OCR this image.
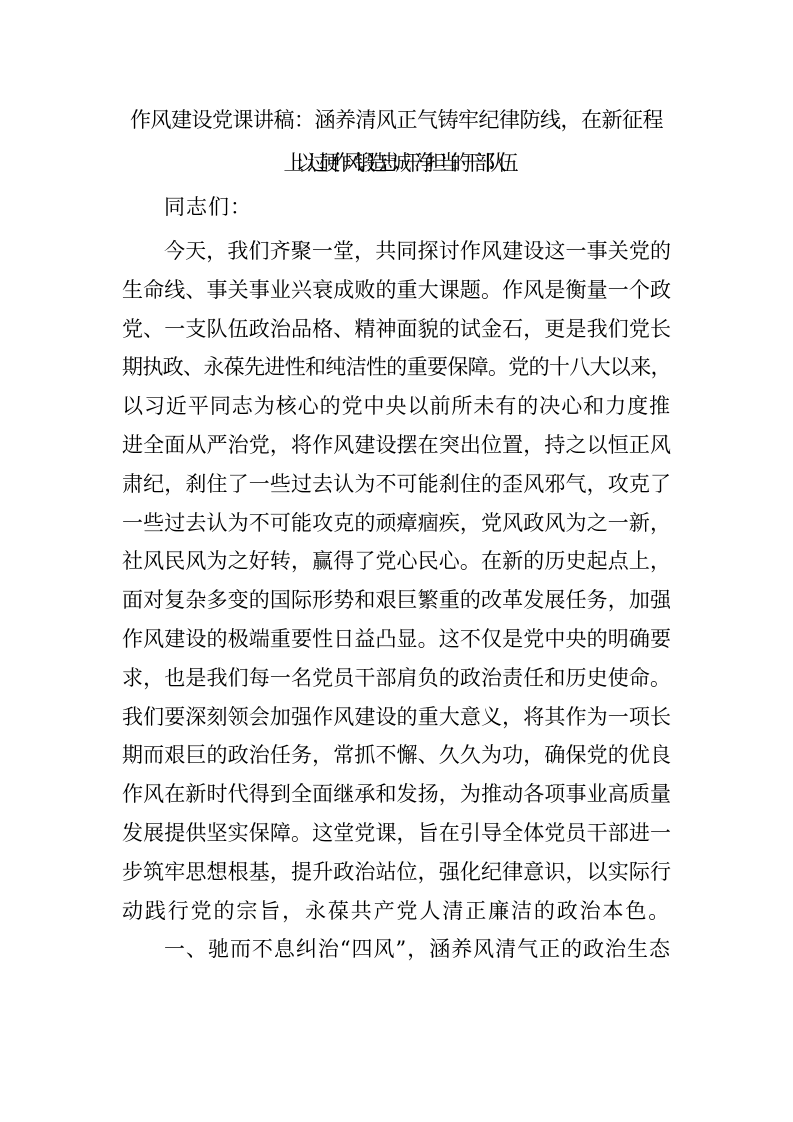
作风建设党课讲稿：涵养清风正气铸牢纪律防线，在新征程
上以过硬作风锻造忠诚干净担当的干部队伍
同志们：
今天，我们齐聚一堂，共同探讨作风建设这一事关党的
生命线、事关事业兴衰成败的重大课题。作风是衡量一个政
党、一支队伍政治品格、精神面貌的试金石，更是我们党长
期执政、永葆先进性和纯洁性的重要保障。党的十八大以来，
以习近平同志为核心的党中央以前所未有的决心和力度推
进全面从严治党，将作风建设摆在突出位置，持之以恒正风
肃纪，刹住了一些过去认为不可能刹住的歪风邪气，攻克了
一些过去认为不可能攻克的顽瘴痼疾，党风政风为之一新，
社风民风为之好转，赢得了党心民心。在新的历史起点上，
面对复杂多变的国际形势和艰巨繁重的改革发展任务，加强
作风建设的极端重要性日益凸显。这不仅是党中央的明确要
求，也是我们每一名党员干部肩负的政治责任和历史使命。
我们要深刻领会加强作风建设的重大意义，将其作为一项长
期而艰巨的政治任务，常抓不懈、久久为功，确保党的优良
作风在新时代得到全面继承和发扬，为推动各项事业高质量
发展提供坚实保障。这堂党课，旨在引导全体党员干部进一
步筑牢思想根基，提升政治站位，强化纪律意识，以实际行
动践行党的宗旨，永葆共产党人清正廉洁的政治本色。
一、驰而不息纠治“四风”，涵养风清气正的政治生态
